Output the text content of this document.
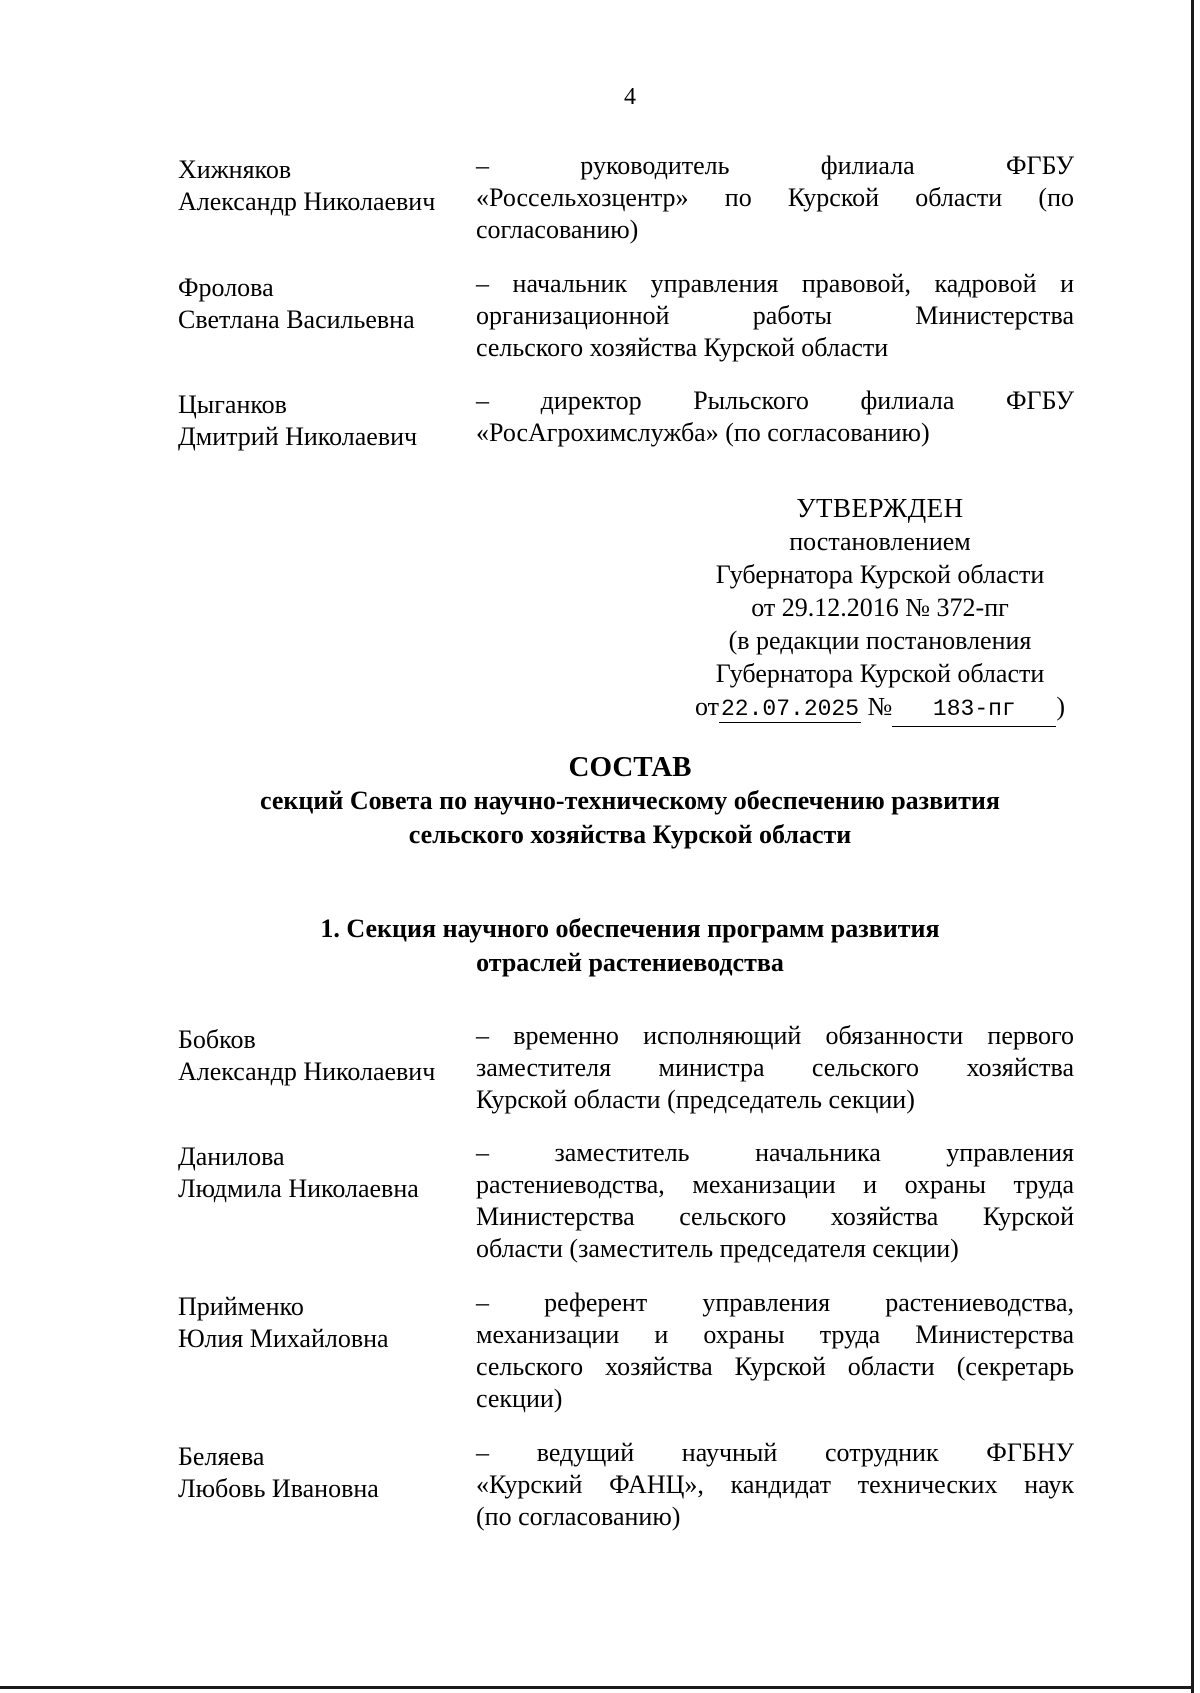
4
Хижняков
Александр Николаевич
– руководитель филиала ФГБУ
«Россельхозцентр» по Курской области (по
согласованию)
Фролова
Светлана Васильевна
– начальник управления правовой, кадровой и
организационной работы Министерства
сельского хозяйства Курской области
Цыганков
Дмитрий Николаевич
– директор Рыльского филиала ФГБУ
«РосАгрохимслужба» (по согласованию)
УТВЕРЖДЕН
постановлением
Губернатора Курской области
от 29.12.2016 № 372-пг
(в редакции постановления
Губернатора Курской области
от22.07.2025 № 183-пг )
СОСТАВ
секций Совета по научно-техническому обеспечению развития
сельского хозяйства Курской области
1. Секция научного обеспечения программ развития
отраслей растениеводства
Бобков
Александр Николаевич
– временно исполняющий обязанности первого
заместителя министра сельского хозяйства
Курской области (председатель секции)
Данилова
Людмила Николаевна
– заместитель начальника управления
растениеводства, механизации и охраны труда
Министерства сельского хозяйства Курской
области (заместитель председателя секции)
Прийменко
Юлия Михайловна
– референт управления растениеводства,
механизации и охраны труда Министерства
сельского хозяйства Курской области (секретарь
секции)
Беляева
Любовь Ивановна
– ведущий научный сотрудник ФГБНУ
«Курский ФАНЦ», кандидат технических наук
(по согласованию)
